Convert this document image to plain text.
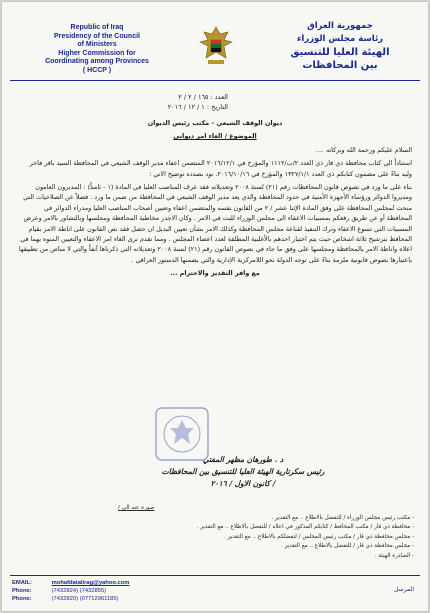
Republic of Iraq
Presidency of the Council
of Ministers
Higher Commission for
Coordinating among Provinces
( HCCP )
جمهورية العراق
رئاسة مجلس الوزراء
الهيئة العليا للتنسيق
بين المحافظات
العدد : ١٦٥ / ٢ / ٢
التاريخ : ١ / ١٢ / ٢٠١٦

ديوان الوقف الشيعي - مكتب رئيس الديوان

الموضوع / الغاء امر ديواني

السلام عليكم ورحمة الله وبركاته ....

استناداً الى كتاب محافظة ذي قار ذي العدد ٢/ب/١١١٢ والمؤرخ في ٢٠١٦/١٢/١ المتضمن اعفاء مدير الوقف الشيعي في المحافظة السيد باقر فاخر وليد بناءً على مضمون كتابكم ذي العدد ١٣٢٧/١/١ والمؤرخ في ٢٠١٦/١٠/١٦. نود بصدده توضيح الاتي :

بناء على ما ورد في نصوص قانون المحافظات رقم (٢١) لسنة ٢٠٠٨ وتعديلاته فقد عرف المناصب العليا في المادة (١ - ثامناً) : المديرون العامون ومديروا الدوائر ورؤساء الأجهزة الأمنية في حدود المحافظة والذي يعد مدير الوقف الشيعي في المحافظة من ضمن ما ورد . فضلاً عن الصلاحيات التي منحت لمجلس المحافظة على وفق المادة الإثنا عشر / ٢ من القانون نفسه والمتضمن اعفاء وتعيين أصحاب المناصب العليا ومدراء الدوائر في المحافظة أو عن طريق رفعكم بمسببات الاعفاء الى مجلس الوزراء للبت في الامر . وكان الاجدر مخاطبة المحافظة ومجلسها وبالتشاور بالامر وعرض المسببات التي تسوغ الاعفاء وترك التنفيذ لقناعة مجلس المحافظة وكذلك الامر بشأن تعيين البديل ان حصل فقد نص القانون على اناطة الامر بقيام المحافظ بترشيح ثلاثة اشخاص حيث يتم اختيار احدهم بالأغلبية المطلقة لعدد اعضاء المجلس . ومما تقدم نرى الغاء امر الاعفاء والتعيين المنوه بهما في اعلاه واناطة الامر بالمحافظة ومجلسها على وفق ما جاء في نصوص القانون رقم (٢١) لسنة ٢٠٠٨ وتعديلاته التي ذكرناها آنفاً والتي لا مناص من تطبيقها باعتبارها نصوص قانونية ملزمة بناءً على توجه الدولة نحو اللامركزية الإدارية والتي يضمنها الدستور العراقي .

مع وافر التقدير والاحترام ...

د . طورهان مظهر المفتي
رئيس سكرتارية الهيئة العليا للتنسيق بين المحافظات
/ كانون الاول / ٢٠١٦
صورة عنه الى /
- مكتب رئيس مجلس الوزراء / للتفضل بالاطلاع .. مع التقدير .
- محافظة ذي قار / مكتب المحافظ / كتابكم المذكور في اعلاه / للتفضل بالاطلاع .. مع التقدير .
- مجلس محافظة ذي قار / مكتب رئيس المجلس / لتفضلكم بالاطلاع .. مع التقدير .
- مجلس محافظة ذي قار / للتفضل بالاطلاع .. مع التقدير .
- الصادرة الهيئة .
EMAIL:	mohafdatalirag@yahoo.com
Phone:	(7432824) (7432855)
Phone:	(7432820) (07712961185)
المرسل
